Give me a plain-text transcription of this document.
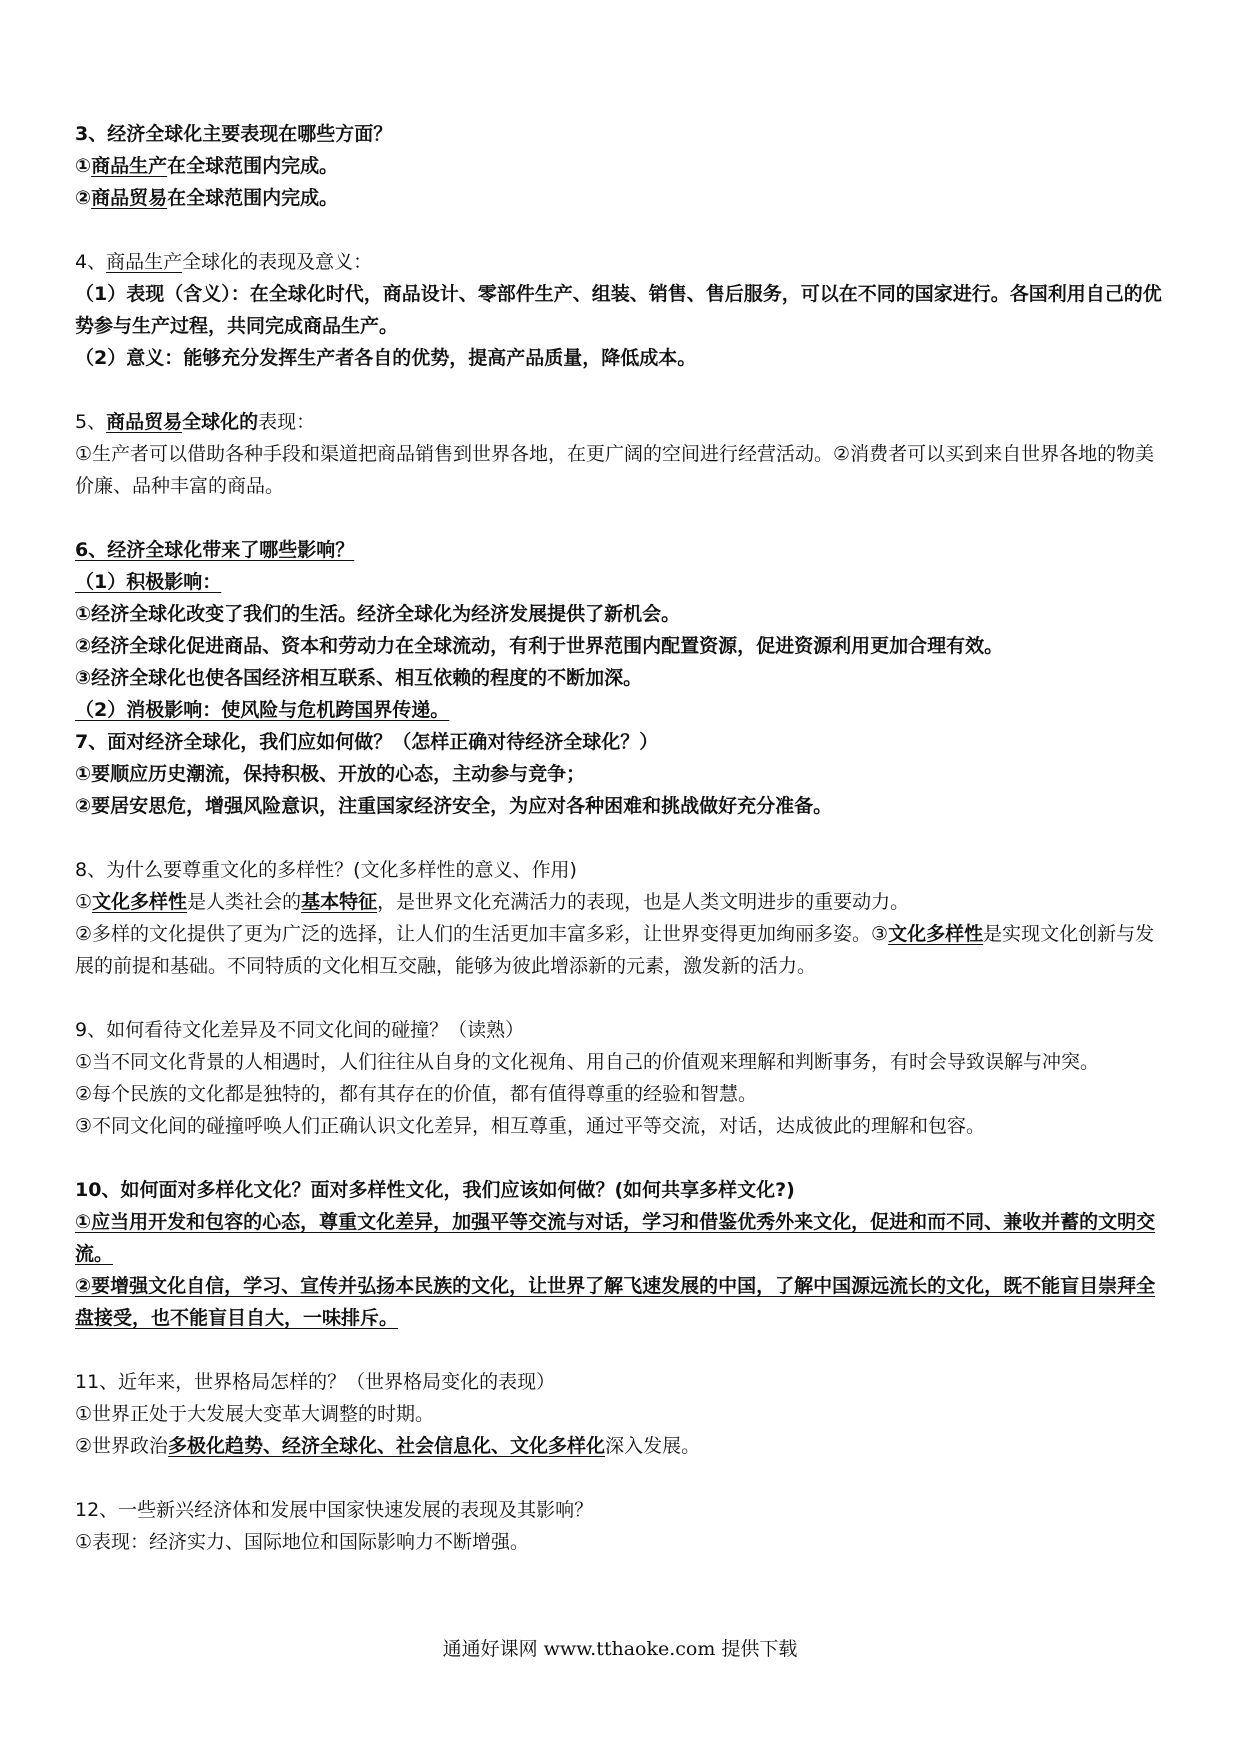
3、经济全球化主要表现在哪些方面？

①商品生产在全球范围内完成。

②商品贸易在全球范围内完成。

4、商品生产全球化的表现及意义：

（1）表现（含义）：在全球化时代，商品设计、零部件生产、组装、销售、售后服务，可以在不同的国家进行。各国利用自己的优势参与生产过程，共同完成商品生产。

（2）意义：能够充分发挥生产者各自的优势，提高产品质量，降低成本。

5、商品贸易全球化的表现：

①生产者可以借助各种手段和渠道把商品销售到世界各地，在更广阔的空间进行经营活动。②消费者可以买到来自世界各地的物美价廉、品种丰富的商品。

6、经济全球化带来了哪些影响？

（1）积极影响：

①经济全球化改变了我们的生活。经济全球化为经济发展提供了新机会。

②经济全球化促进商品、资本和劳动力在全球流动，有利于世界范围内配置资源，促进资源利用更加合理有效。

③经济全球化也使各国经济相互联系、相互依赖的程度的不断加深。

（2）消极影响：使风险与危机跨国界传递。

7、面对经济全球化，我们应如何做？（怎样正确对待经济全球化？）

①要顺应历史潮流，保持积极、开放的心态，主动参与竞争；

②要居安思危，增强风险意识，注重国家经济安全，为应对各种困难和挑战做好充分准备。

8、为什么要尊重文化的多样性？(文化多样性的意义、作用)

①文化多样性是人类社会的基本特征，是世界文化充满活力的表现，也是人类文明进步的重要动力。

②多样的文化提供了更为广泛的选择，让人们的生活更加丰富多彩，让世界变得更加绚丽多姿。③文化多样性是实现文化创新与发展的前提和基础。不同特质的文化相互交融，能够为彼此增添新的元素，激发新的活力。

9、如何看待文化差异及不同文化间的碰撞？（读熟）

①当不同文化背景的人相遇时，人们往往从自身的文化视角、用自己的价值观来理解和判断事务，有时会导致误解与冲突。

②每个民族的文化都是独特的，都有其存在的价值，都有值得尊重的经验和智慧。

③不同文化间的碰撞呼唤人们正确认识文化差异，相互尊重，通过平等交流，对话，达成彼此的理解和包容。

10、如何面对多样化文化？面对多样性文化，我们应该如何做？(如何共享多样文化?)

①应当用开发和包容的心态，尊重文化差异，加强平等交流与对话，学习和借鉴优秀外来文化，促进和而不同、兼收并蓄的文明交流。

②要增强文化自信，学习、宣传并弘扬本民族的文化，让世界了解飞速发展的中国，了解中国源远流长的文化，既不能盲目崇拜全盘接受，也不能盲目自大，一味排斥。

11、近年来，世界格局怎样的？（世界格局变化的表现）

①世界正处于大发展大变革大调整的时期。

②世界政治多极化趋势、经济全球化、社会信息化、文化多样化深入发展。

12、一些新兴经济体和发展中国家快速发展的表现及其影响？

①表现：经济实力、国际地位和国际影响力不断增强。

通通好课网 www.tthaoke.com 提供下载
